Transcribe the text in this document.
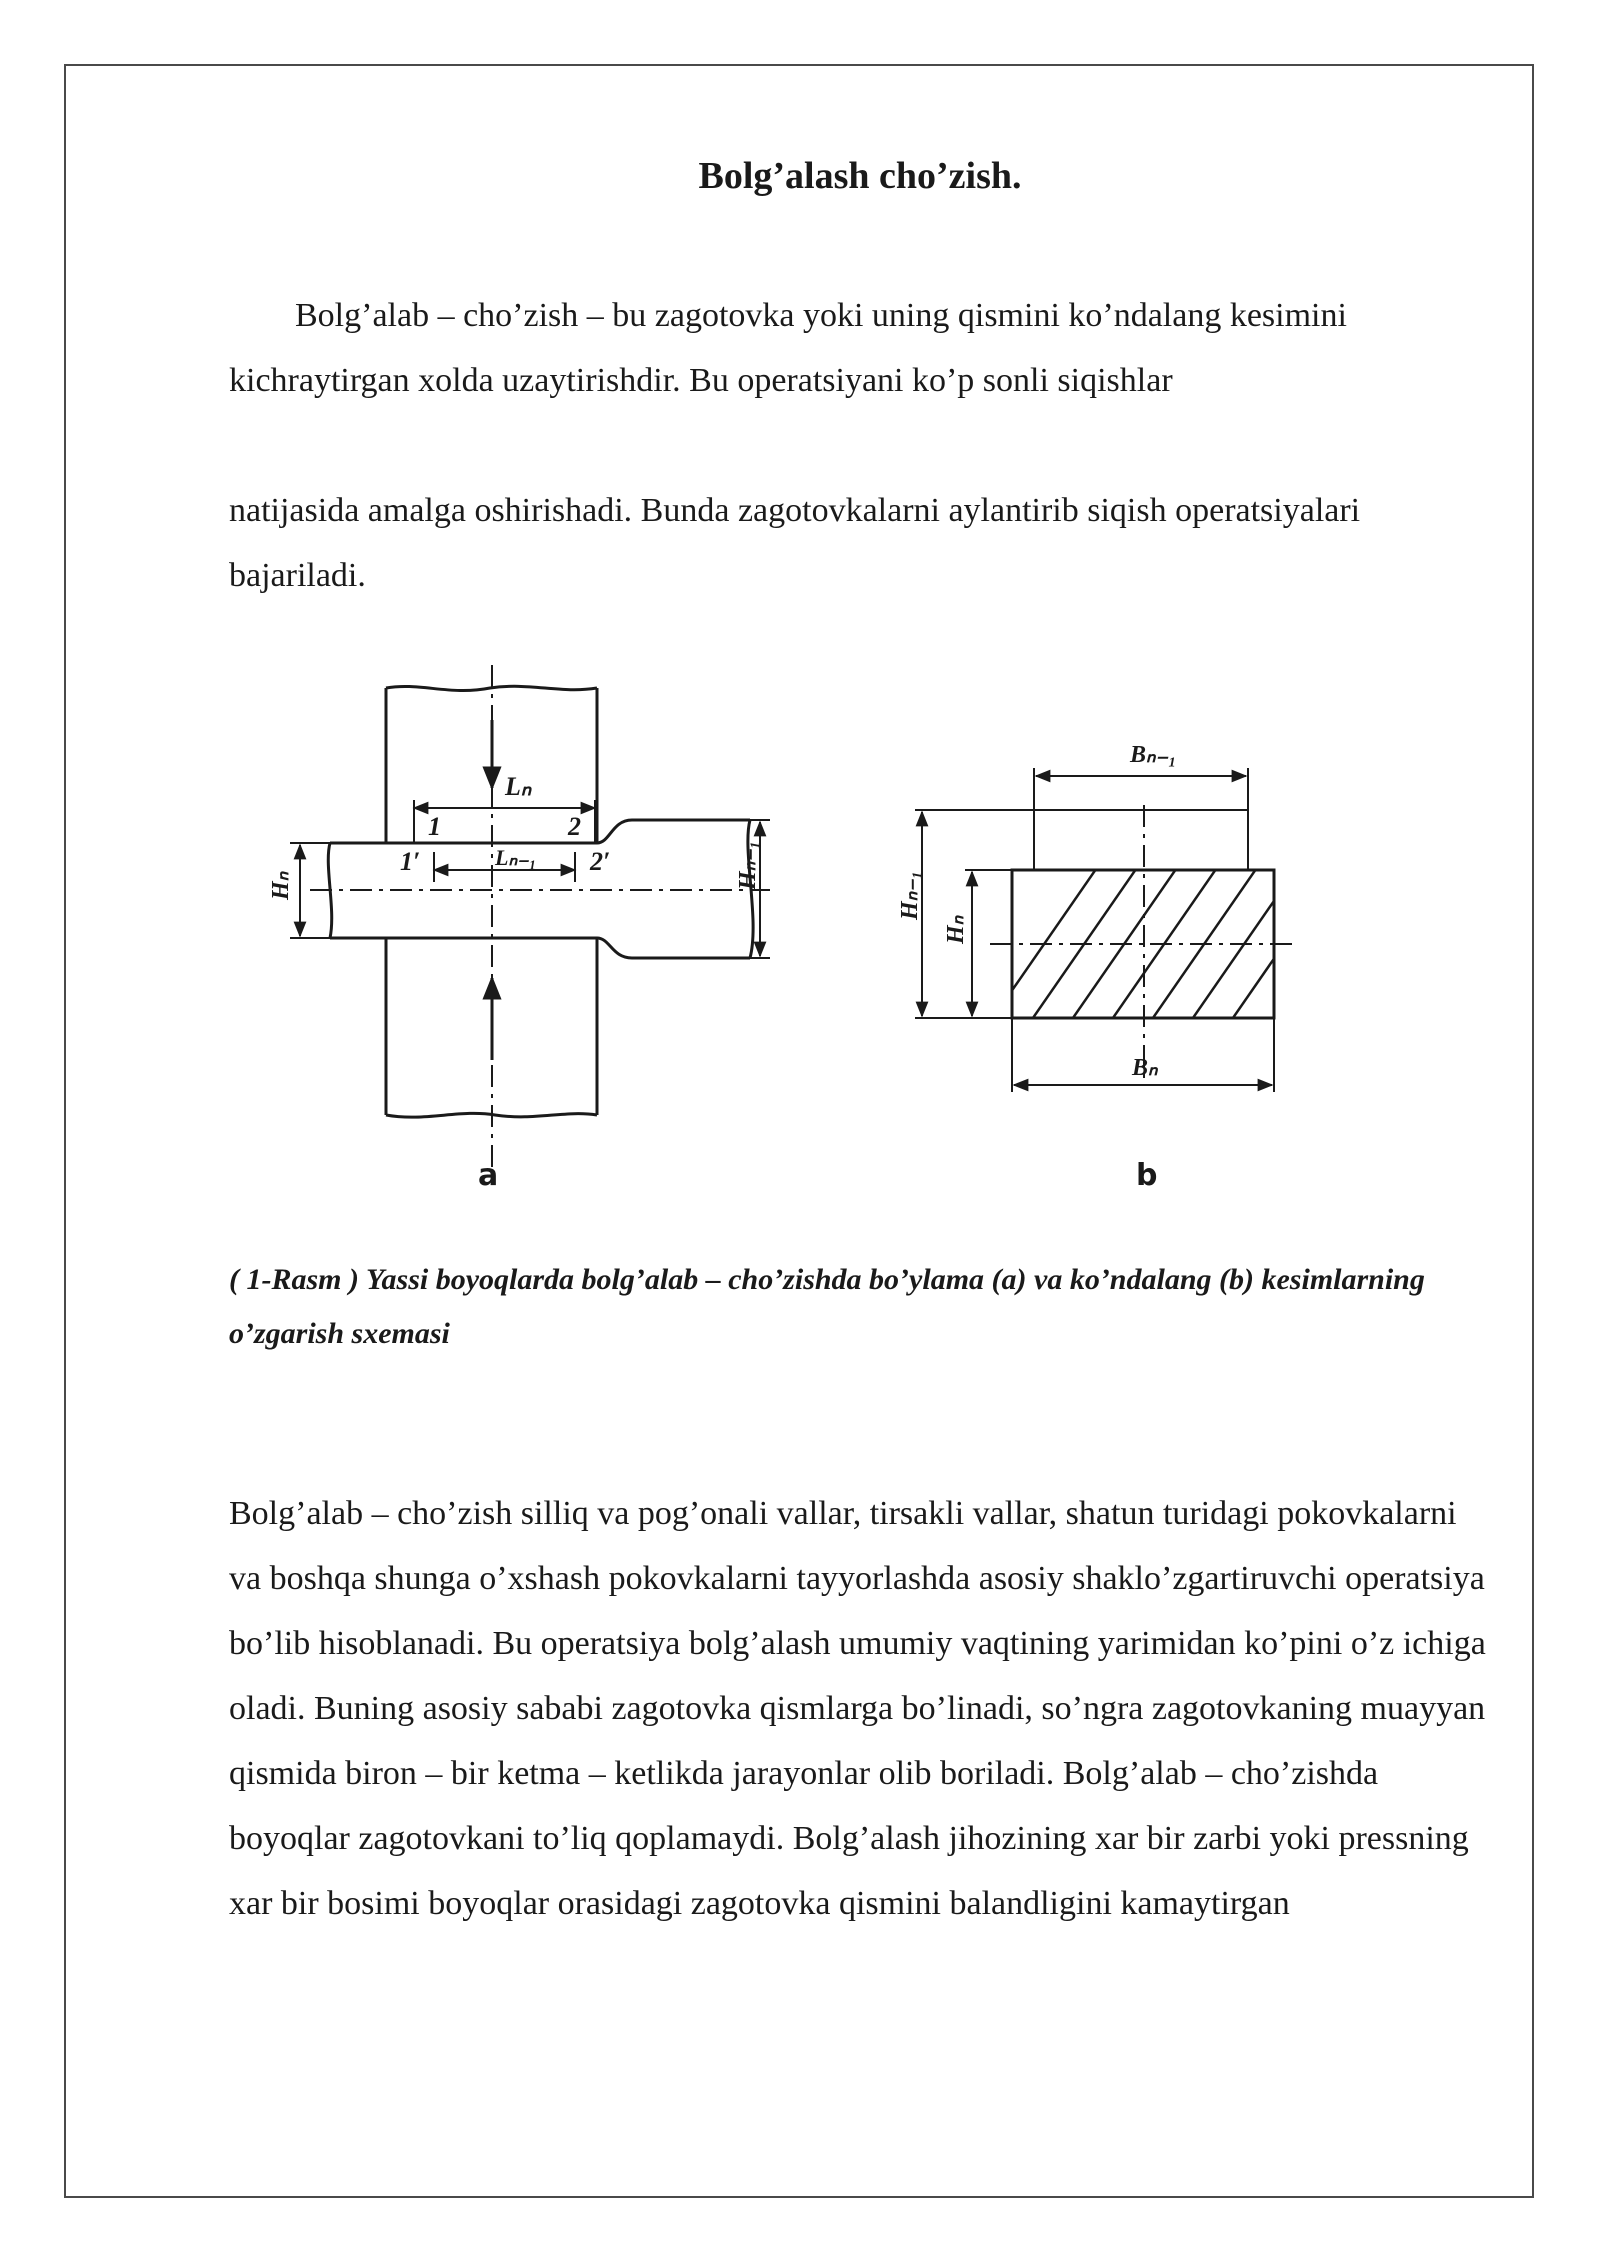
Bolg’alash cho’zish.

Bolg’alab – cho’zish – bu zagotovka yoki uning qismini ko’ndalang kesimini kichraytirgan xolda uzaytirishdir. Bu operatsiyani ko’p sonli siqishlar

natijasida amalga oshirishadi. Bunda zagotovkalarni aylantirib siqish operatsiyalari bajariladi.

Lₙ
Lₙ₋₁
1	2
1′	2′
Hₙ	Hₙ₋₁
Bₙ₋₁
Bₙ
Hₙ₋₁
Hₙ
a	b

( 1-Rasm ) Yassi boyoqlarda bolg’alab – cho’zishda bo’ylama (a) va ko’ndalang (b) kesimlarning o’zgarish sxemasi

Bolg’alab – cho’zish silliq va pog’onali vallar, tirsakli vallar, shatun turidagi pokovkalarni va boshqa shunga o’xshash pokovkalarni tayyorlashda asosiy shaklo’zgartiruvchi operatsiya bo’lib hisoblanadi. Bu operatsiya bolg’alash umumiy vaqtining yarimidan ko’pini o’z ichiga oladi. Buning asosiy sababi zagotovka qismlarga bo’linadi, so’ngra zagotovkaning muayyan qismida biron – bir ketma – ketlikda jarayonlar olib boriladi. Bolg’alab – cho’zishda boyoqlar zagotovkani to’liq qoplamaydi. Bolg’alash jihozining xar bir zarbi yoki pressning xar bir bosimi boyoqlar orasidagi zagotovka qismini balandligini kamaytirgan
